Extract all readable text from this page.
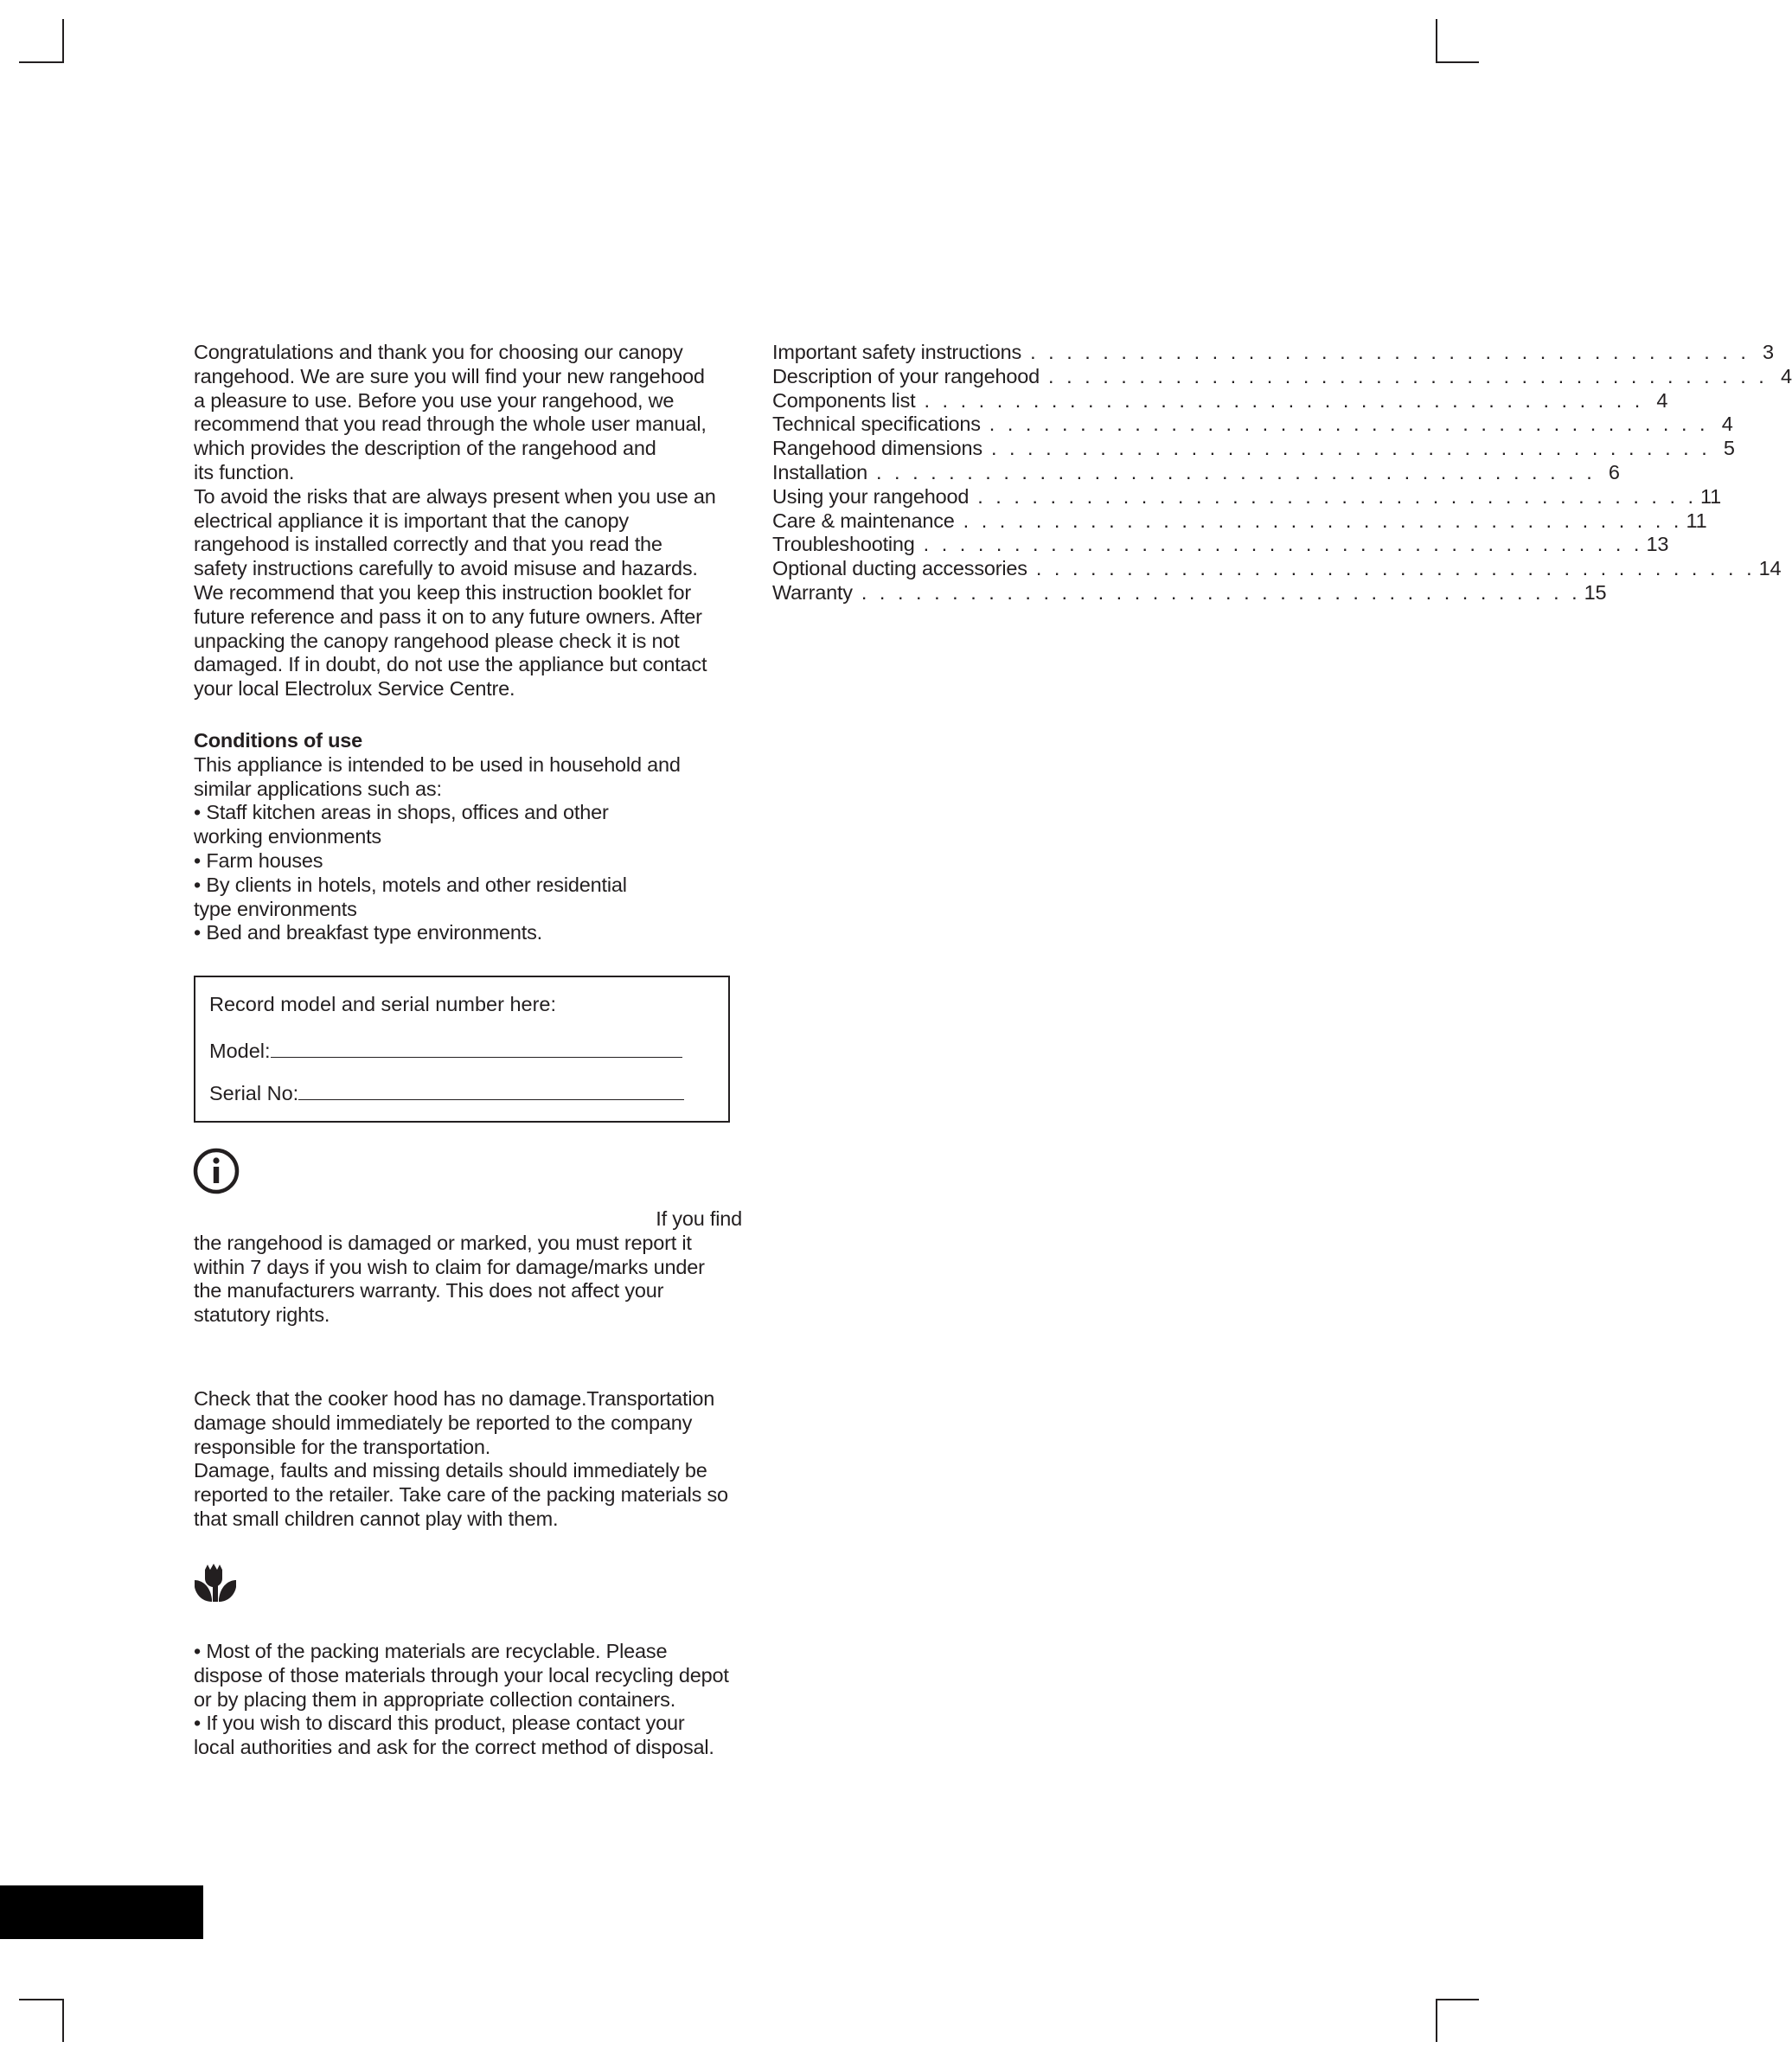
Congratulations and thank you for choosing our canopy
rangehood. We are sure you will find your new rangehood
a pleasure to use. Before you use your rangehood, we
recommend that you read through the whole user manual,
which provides the description of the rangehood and
its function.

To avoid the risks that are always present when you use an
electrical appliance it is important that the canopy
rangehood is installed correctly and that you read the
safety instructions carefully to avoid misuse and hazards.
We recommend that you keep this instruction booklet for
future reference and pass it on to any future owners. After
unpacking the canopy rangehood please check it is not
damaged. If in doubt, do not use the appliance but contact
your local Electrolux Service Centre.

Conditions of use

This appliance is intended to be used in household and
similar applications such as:

• Staff kitchen areas in shops, offices and other
working envionments

• Farm houses

• By clients in hotels, motels and other residential
type environments

• Bed and breakfast type environments.

Record model and serial number here:
Model:
Serial No:

If you find

the rangehood is damaged or marked, you must report it
within 7 days if you wish to claim for damage/marks under
the manufacturers warranty. This does not affect your
statutory rights.

Check that the cooker hood has no damage.Transportation
damage should immediately be reported to the company
responsible for the transportation.

Damage, faults and missing details should immediately be
reported to the retailer. Take care of the packing materials so
that small children cannot play with them.

• Most of the packing materials are recyclable. Please
dispose of those materials through your local recycling depot
or by placing them in appropriate collection containers.

• If you wish to discard this product, please contact your
local authorities and ask for the correct method of disposal.

Important safety instructions . . . . . . . . . . . . . . . . . . . . . . . . . . . . . . . . . . . . . . . . 3
Description of your rangehood . . . . . . . . . . . . . . . . . . . . . . . . . . . . . . . . . . . . . . . . 4
Components list . . . . . . . . . . . . . . . . . . . . . . . . . . . . . . . . . . . . . . . . 4
Technical specifications . . . . . . . . . . . . . . . . . . . . . . . . . . . . . . . . . . . . . . . . 4
Rangehood dimensions . . . . . . . . . . . . . . . . . . . . . . . . . . . . . . . . . . . . . . . . 5
Installation . . . . . . . . . . . . . . . . . . . . . . . . . . . . . . . . . . . . . . . . 6
Using your rangehood . . . . . . . . . . . . . . . . . . . . . . . . . . . . . . . . . . . . . . . . 11
Care & maintenance . . . . . . . . . . . . . . . . . . . . . . . . . . . . . . . . . . . . . . . . 11
Troubleshooting . . . . . . . . . . . . . . . . . . . . . . . . . . . . . . . . . . . . . . . . 13
Optional ducting accessories . . . . . . . . . . . . . . . . . . . . . . . . . . . . . . . . . . . . . . . . 14
Warranty . . . . . . . . . . . . . . . . . . . . . . . . . . . . . . . . . . . . . . . . 15
